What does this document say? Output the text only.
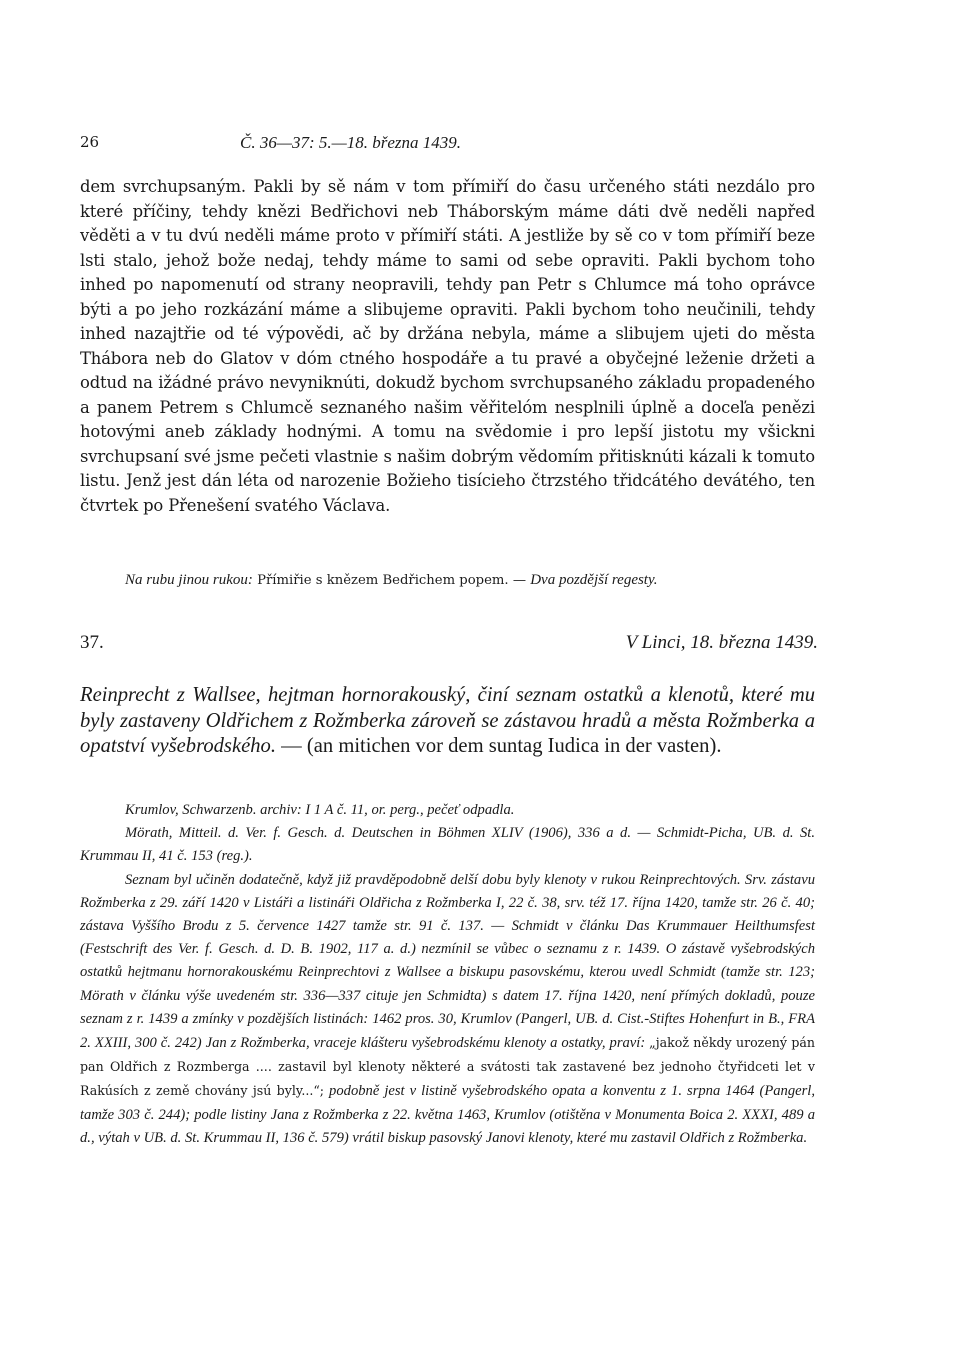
26	Č. 36—37: 5.—18. března 1439.

dem svrchupsaným. Pakli by sě nám v tom přímiří do času určeného státi nezdálo pro které příčiny, tehdy knězi Bedřichovi neb Tháborským máme dáti dvě neděli napřed věděti a v tu dvú neděli máme proto v přímiří státi. A jestliže by sě co v tom přímiří beze lsti stalo, jehož bože nedaj, tehdy máme to sami od sebe opraviti. Pakli bychom toho inhed po napomenutí od strany neopravili, tehdy pan Petr s Chlumce má toho oprávce býti a po jeho rozkázání máme a slibujeme opraviti. Pakli bychom toho neučinili, tehdy inhed nazajtřie od té výpovědi, ač by držána nebyla, máme a slibujem ujeti do města Thábora neb do Glatov v dóm ctného hospodáře a tu pravé a obyčejné leženie držeti a odtud na ižádné právo nevyniknúti, dokudž bychom svrchupsaného základu propadeného a panem Petrem s Chlumcě seznaného našim věřitelóm nesplnili úplně a doceľa penězi hotovými aneb základy hodnými. A tomu na svědomie i pro lepší jistotu my všickni svrchupsaní své jsme pečeti vlastnie s našim dobrým vědomím přitisknúti kázali k tomuto listu. Jenž jest dán léta od narozenie Božieho tisícieho čtrzstého třidcátého devátého, ten čtvrtek po Přenešení svatého Václava.

Na rubu jinou rukou: Přímiřie s knězem Bedřichem popem. — Dva pozdější regesty.
37.	V Linci, 18. března 1439.
Reinprecht z Wallsee, hejtman hornorakouský, činí seznam ostatků a klenotů, které mu byly zastaveny Oldřichem z Rožmberka zároveň se zástavou hradů a města Rožmberka a opatství vyšebrodského. — (an mitichen vor dem suntag Iudica in der vasten).

Krumlov, Schwarzenb. archiv: I 1 A č. 11, or. perg., pečeť odpadla.

Mörath, Mitteil. d. Ver. f. Gesch. d. Deutschen in Böhmen XLIV (1906), 336 a d. — Schmidt-Picha, UB. d. St. Krummau II, 41 č. 153 (reg.).

Seznam byl učiněn dodatečně, když již pravděpodobně delší dobu byly klenoty v rukou Reinprechtových. Srv. zástavu Rožmberka z 29. září 1420 v Listáři a listináři Oldřicha z Rožmberka I, 22 č. 38, srv. též 17. října 1420, tamže str. 26 č. 40; zástava Vyššího Brodu z 5. července 1427 tamže str. 91 č. 137. — Schmidt v článku Das Krummauer Heilthumsfest (Festschrift des Ver. f. Gesch. d. D. B. 1902, 117 a. d.) nezmínil se vůbec o seznamu z r. 1439. O zástavě vyšebrodských ostatků hejtmanu hornorakouskému Reinprechtovi z Wallsee a biskupu pasovskému, kterou uvedl Schmidt (tamže str. 123; Mörath v článku výše uvedeném str. 336—337 cituje jen Schmidta) s datem 17. října 1420, není přímých dokladů, pouze seznam z r. 1439 a zmínky v pozdějších listinách: 1462 pros. 30, Krumlov (Pangerl, UB. d. Cist.-Stiftes Hohenfurt in B., FRA 2. XXIII, 300 č. 242) Jan z Rožmberka, vraceje klášteru vyšebrodskému klenoty a ostatky, praví: „jakož někdy urozený pán pan Oldřich z Rozmberga .... zastavil byl klenoty některé a svátosti tak zastavené bez jednoho čtyřidceti let v Rakúsích z země chovány jsú byly...“; podobně jest v listině vyšebrodského opata a konventu z 1. srpna 1464 (Pangerl, tamže 303 č. 244); podle listiny Jana z Rožmberka z 22. května 1463, Krumlov (otištěna v Monumenta Boica 2. XXXI, 489 a d., výtah v UB. d. St. Krummau II, 136 č. 579) vrátil biskup pasovský Janovi klenoty, které mu zastavil Oldřich z Rožmberka.
